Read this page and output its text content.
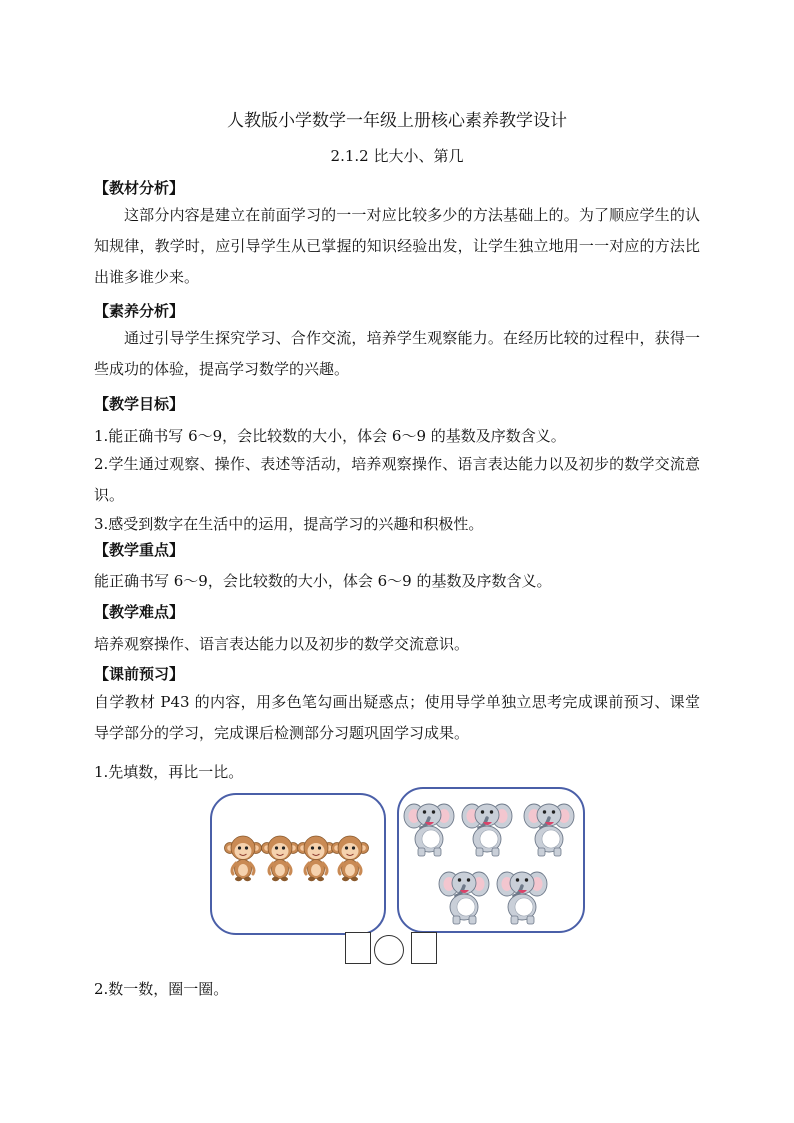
人教版小学数学一年级上册核心素养教学设计
2.1.2 比大小、第几
【教材分析】
这部分内容是建立在前面学习的一一对应比较多少的方法基础上的。为了顺应学生的认知规律，教学时，应引导学生从已掌握的知识经验出发，让学生独立地用一一对应的方法比出谁多谁少来。
【素养分析】
通过引导学生探究学习、合作交流，培养学生观察能力。在经历比较的过程中，获得一些成功的体验，提高学习数学的兴趣。
【教学目标】
1.能正确书写 6～9，会比较数的大小，体会 6～9 的基数及序数含义。
2.学生通过观察、操作、表述等活动，培养观察操作、语言表达能力以及初步的数学交流意识。
3.感受到数字在生活中的运用，提高学习的兴趣和积极性。
【教学重点】
能正确书写 6～9，会比较数的大小，体会 6～9 的基数及序数含义。
【教学难点】
培养观察操作、语言表达能力以及初步的数学交流意识。
【课前预习】
自学教材 P43 的内容，用多色笔勾画出疑惑点；使用导学单独立思考完成课前预习、课堂导学部分的学习，完成课后检测部分习题巩固学习成果。
1.先填数，再比一比。
2.数一数，圈一圈。
